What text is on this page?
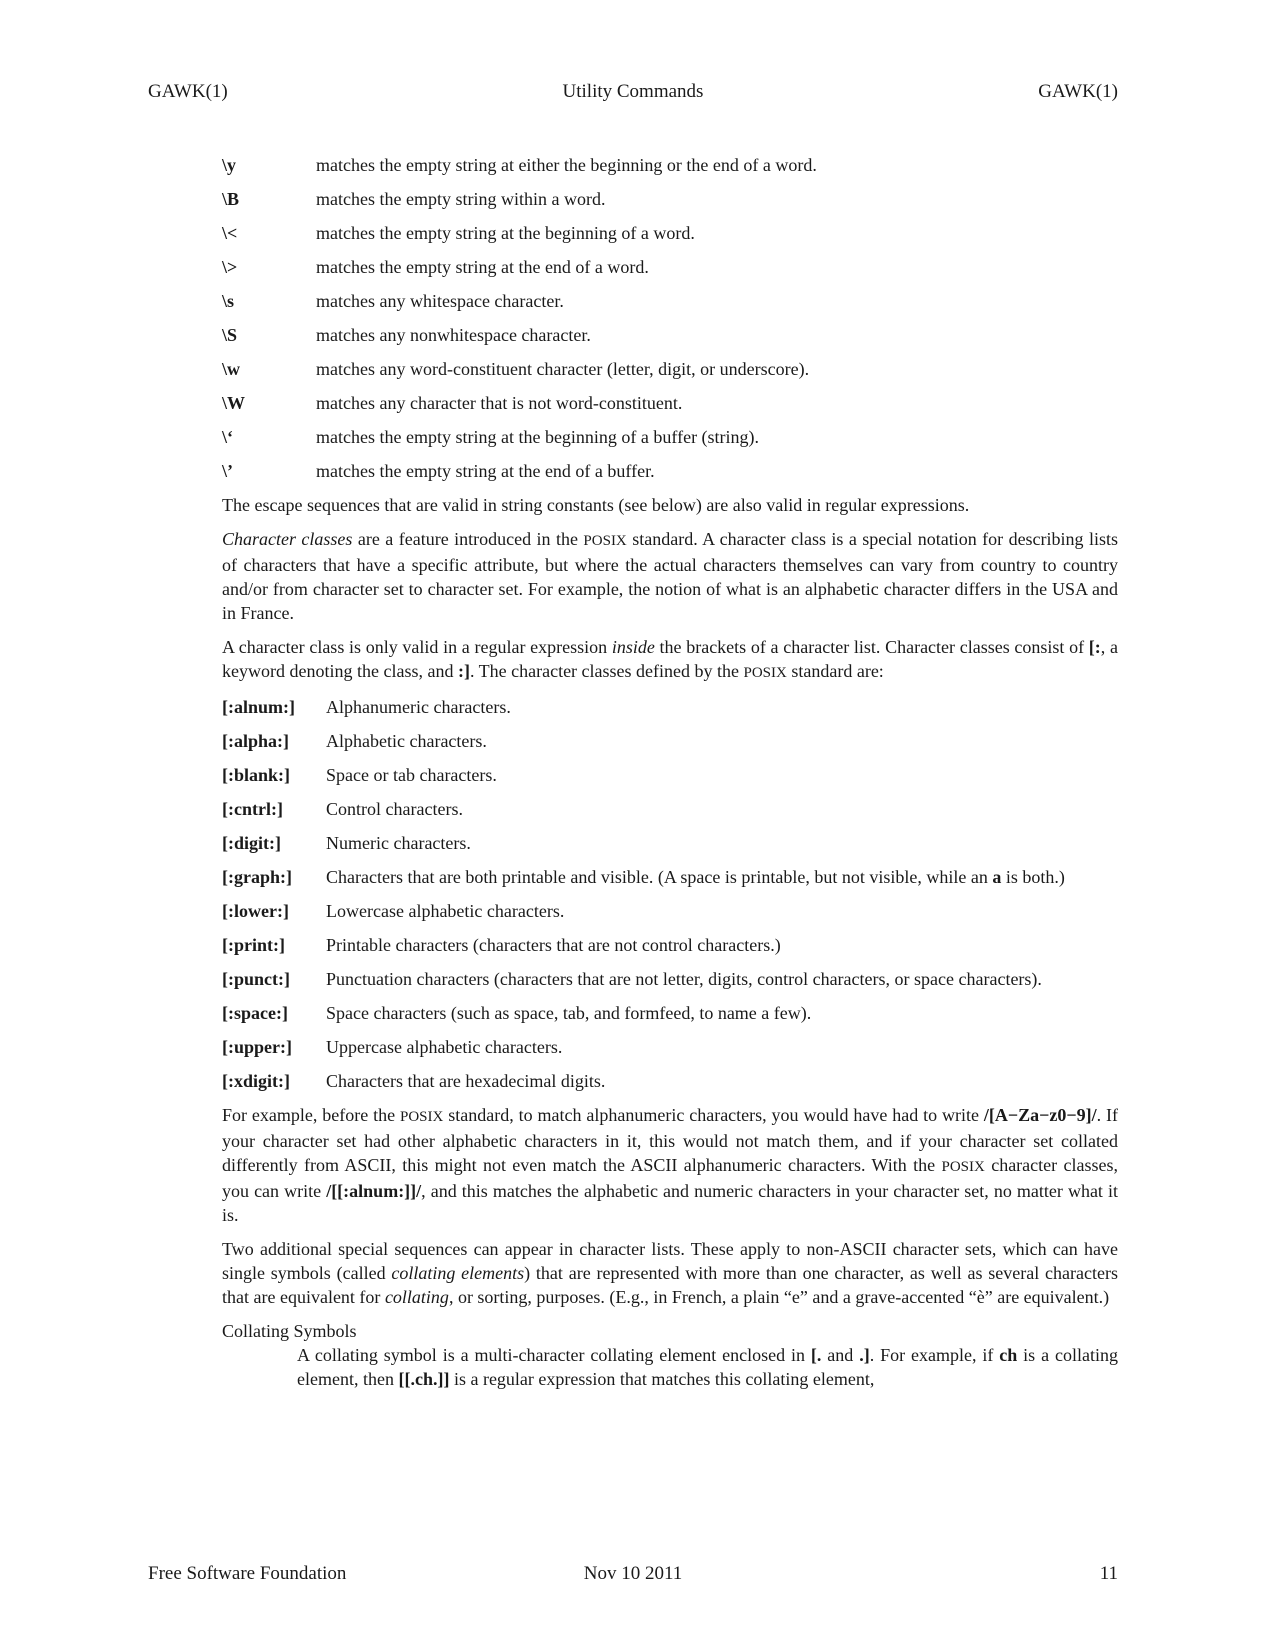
GAWK(1)	Utility Commands	GAWK(1)
\y	matches the empty string at either the beginning or the end of a word.
\B	matches the empty string within a word.
\<	matches the empty string at the beginning of a word.
\>	matches the empty string at the end of a word.
\s	matches any whitespace character.
\S	matches any nonwhitespace character.
\w	matches any word-constituent character (letter, digit, or underscore).
\W	matches any character that is not word-constituent.
\‘	matches the empty string at the beginning of a buffer (string).
\’	matches the empty string at the end of a buffer.

The escape sequences that are valid in string constants (see below) are also valid in regular expressions.

Character classes are a feature introduced in the POSIX standard. A character class is a special notation for describing lists of characters that have a specific attribute, but where the actual characters themselves can vary from country to country and/or from character set to character set. For example, the notion of what is an alphabetic character differs in the USA and in France.

A character class is only valid in a regular expression inside the brackets of a character list. Character classes consist of [:, a keyword denoting the class, and :]. The character classes defined by the POSIX standard are:

[:alnum:]	Alphanumeric characters.
[:alpha:]	Alphabetic characters.
[:blank:]	Space or tab characters.
[:cntrl:]	Control characters.
[:digit:]	Numeric characters.
[:graph:]	Characters that are both printable and visible. (A space is printable, but not visible, while an a is both.)
[:lower:]	Lowercase alphabetic characters.
[:print:]	Printable characters (characters that are not control characters.)
[:punct:]	Punctuation characters (characters that are not letter, digits, control characters, or space characters).
[:space:]	Space characters (such as space, tab, and formfeed, to name a few).
[:upper:]	Uppercase alphabetic characters.
[:xdigit:]	Characters that are hexadecimal digits.

For example, before the POSIX standard, to match alphanumeric characters, you would have had to write /[A−Za−z0−9]/. If your character set had other alphabetic characters in it, this would not match them, and if your character set collated differently from ASCII, this might not even match the ASCII alphanumeric characters. With the POSIX character classes, you can write /[[:alnum:]]/, and this matches the alphabetic and numeric characters in your character set, no matter what it is.

Two additional special sequences can appear in character lists. These apply to non-ASCII character sets, which can have single symbols (called collating elements) that are represented with more than one character, as well as several characters that are equivalent for collating, or sorting, purposes. (E.g., in French, a plain “e” and a grave-accented “è” are equivalent.)

Collating Symbols
A collating symbol is a multi-character collating element enclosed in [. and .]. For example, if ch is a collating element, then [[.ch.]] is a regular expression that matches this collating element,
Free Software Foundation	Nov 10 2011	11
